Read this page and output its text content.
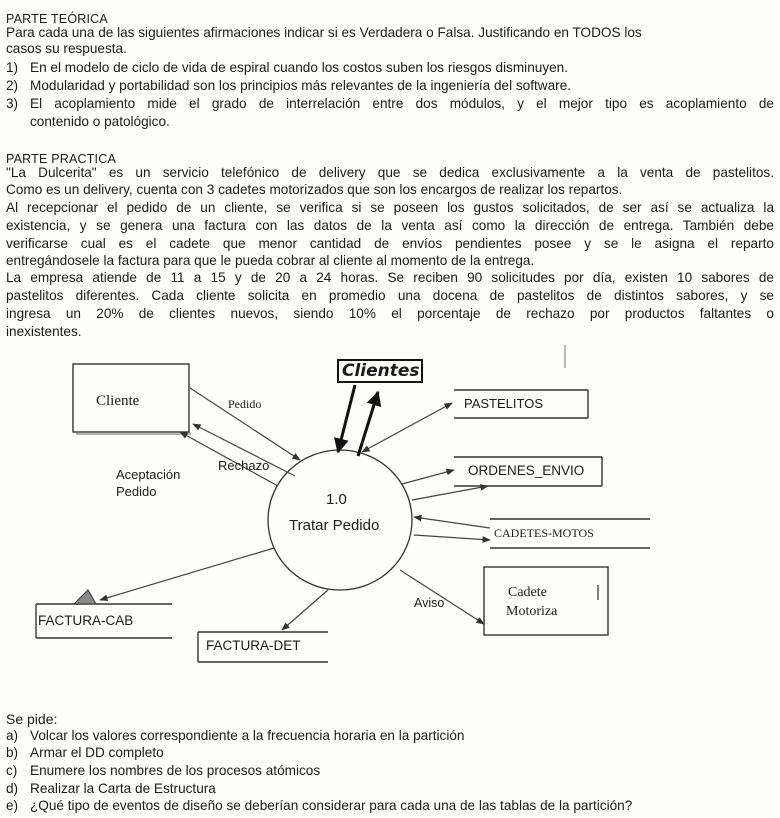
PARTE TEÓRICA
Para cada una de las siguientes afirmaciones indicar si es Verdadera o Falsa. Justificando en TODOS los
casos su respuesta.
1) En el modelo de ciclo de vida de espiral cuando los costos suben los riesgos disminuyen.
2) Modularidad y portabilidad son los principios más relevantes de la ingeniería del software.
3) El acoplamiento mide el grado de interrelación entre dos módulos, y el mejor tipo es acoplamiento de
contenido o patológico.
PARTE PRACTICA
"La Dulcerita" es un servicio telefónico de delivery que se dedica exclusivamente a la venta de pastelitos.
Como es un delivery, cuenta con 3 cadetes motorizados que son los encargos de realizar los repartos.
Al recepcionar el pedido de un cliente, se verifica si se poseen los gustos solicitados, de ser así se actualiza la
existencia, y se genera una factura con las datos de la venta así como la dirección de entrega. También debe
verificarse cual es el cadete que menor cantidad de envíos pendientes posee y se le asigna el reparto
entregándosele la factura para que le pueda cobrar al cliente al momento de la entrega.
La empresa atiende de 11 a 15 y de 20 a 24 horas. Se reciben 90 solicitudes por día, existen 10 sabores de
pastelitos diferentes. Cada cliente solicita en promedio una docena de pastelitos de distintos sabores, y se
ingresa un 20% de clientes nuevos, siendo 10% el porcentaje de rechazo por productos faltantes o
inexistentes.
1.0
Tratar Pedido
Cliente
Cadete
Motoriza
Clientes
PASTELITOS
ORDENES_ENVIO
CADETES-MOTOS
FACTURA-CAB
FACTURA-DET
Pedido
Rechazo
Aceptación
Pedido
Aviso
Se pide:
a) Volcar los valores correspondiente a la frecuencia horaria en la partición
b) Armar el DD completo
c) Enumere los nombres de los procesos atómicos
d) Realizar la Carta de Estructura
e) ¿Qué tipo de eventos de diseño se deberían considerar para cada una de las tablas de la partición?
